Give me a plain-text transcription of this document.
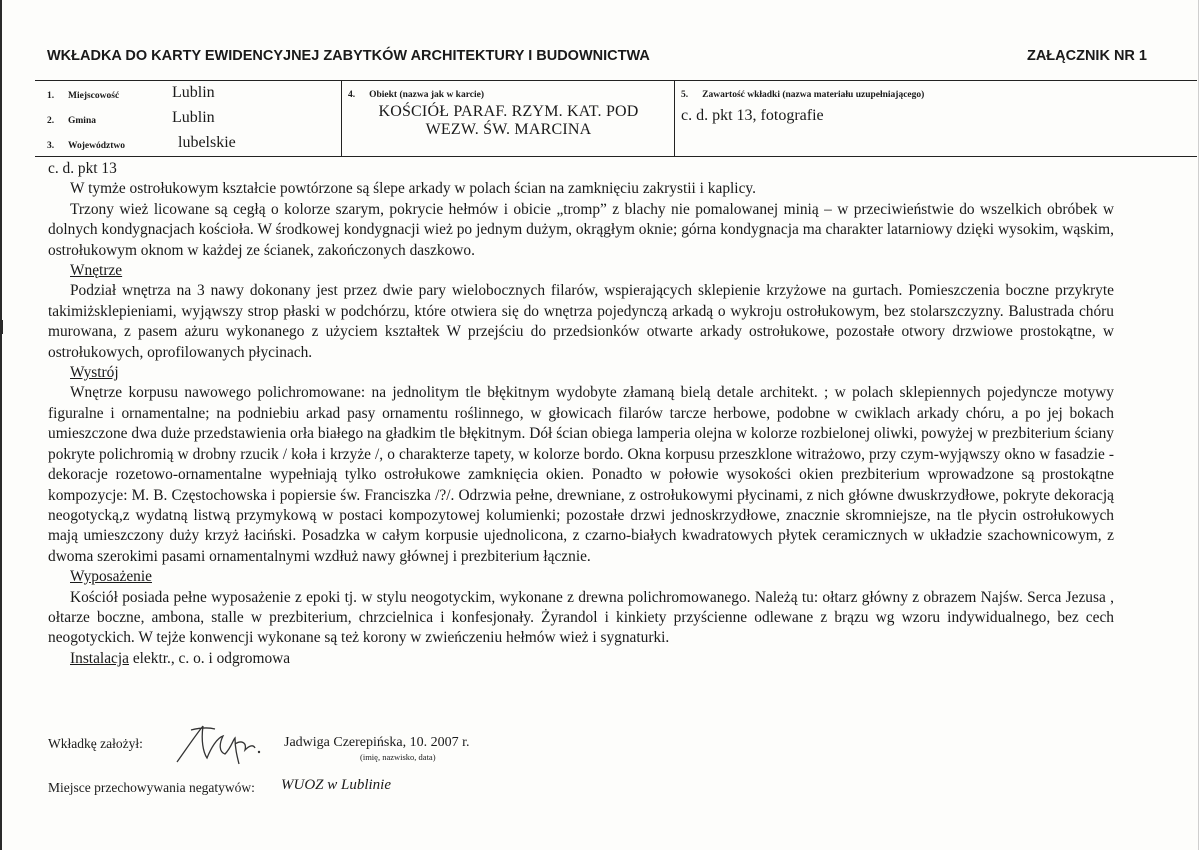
WKŁADKA DO KARTY EWIDENCYJNEJ ZABYTKÓW ARCHITEKTURY I BUDOWNICTWA	ZAŁĄCZNIK NR 1
1. Miejscowość	Lublin
2. Gmina	Lublin
3. Województwo	lubelskie
4. Obiekt (nazwa jak w karcie)
KOŚCIÓŁ PARAF. RZYM. KAT. POD
WEZW. ŚW. MARCINA
5. Zawartość wkładki (nazwa materiału uzupełniającego)
c. d. pkt 13, fotografie

c. d. pkt 13

W tymże ostrołukowym kształcie powtórzone są ślepe arkady w polach ścian na zamknięciu zakrystii i kaplicy.

Trzony wież licowane są cegłą o kolorze szarym, pokrycie hełmów i obicie „tromp” z blachy nie pomalowanej minią – w przeciwieństwie do wszelkich obróbek w dolnych kondygnacjach kościoła. W środkowej kondygnacji wież po jednym dużym, okrągłym oknie; górna kondygnacja ma charakter latarniowy dzięki wysokim, wąskim, ostrołukowym oknom w każdej ze ścianek, zakończonych daszkowo.

Wnętrze

Podział wnętrza na 3 nawy dokonany jest przez dwie pary wielobocznych filarów, wspierających sklepienie krzyżowe na gurtach. Pomieszczenia boczne przykryte takimiżsklepieniami, wyjąwszy strop płaski w podchórzu, które otwiera się do wnętrza pojedynczą arkadą o wykroju ostrołukowym, bez stolarszczyzny. Balustrada chóru murowana, z pasem ażuru wykonanego z użyciem kształtek W przejściu do przedsionków otwarte arkady ostrołukowe, pozostałe otwory drzwiowe prostokątne, w ostrołukowych, oprofilowanych płycinach.

Wystrój

Wnętrze korpusu nawowego polichromowane: na jednolitym tle błękitnym wydobyte złamaną bielą detale architekt. ; w polach sklepiennych pojedyncze motywy figuralne i ornamentalne; na podniebiu arkad pasy ornamentu roślinnego, w głowicach filarów tarcze herbowe, podobne w cwiklach arkady chóru, a po jej bokach umieszczone dwa duże przedstawienia orła białego na gładkim tle błękitnym. Dół ścian obiega lamperia olejna w kolorze rozbielonej oliwki, powyżej w prezbiterium ściany pokryte polichromią w drobny rzucik / koła i krzyże /, o charakterze tapety, w kolorze bordo. Okna korpusu przeszklone witrażowo, przy czym-wyjąwszy okno w fasadzie - dekoracje rozetowo-ornamentalne wypełniają tylko ostrołukowe zamknięcia okien. Ponadto w połowie wysokości okien prezbiterium wprowadzone są prostokątne kompozycje: M. B. Częstochowska i popiersie św. Franciszka /?/. Odrzwia pełne, drewniane, z ostrołukowymi płycinami, z nich główne dwuskrzydłowe, pokryte dekoracją neogotycką,z wydatną listwą przymykową w postaci kompozytowej kolumienki; pozostałe drzwi jednoskrzydłowe, znacznie skromniejsze, na tle płycin ostrołukowych mają umieszczony duży krzyż łaciński. Posadzka w całym korpusie ujednolicona, z czarno-białych kwadratowych płytek ceramicznych w układzie szachownicowym, z dwoma szerokimi pasami ornamentalnymi wzdłuż nawy głównej i prezbiterium łącznie.

Wyposażenie

Kościół posiada pełne wyposażenie z epoki tj. w stylu neogotyckim, wykonane z drewna polichromowanego. Należą tu: ołtarz główny z obrazem Najśw. Serca Jezusa , ołtarze boczne, ambona, stalle w prezbiterium, chrzcielnica i konfesjonały. Żyrandol i kinkiety przyścienne odlewane z brązu wg wzoru indywidualnego, bez cech neogotyckich. W tejże konwencji wykonane są też korony w zwieńczeniu hełmów wież i sygnaturki.

Instalacja elektr., c. o. i odgromowa

Wkładkę założył:	Jadwiga Czerepińska, 10. 2007 r.
(imię, nazwisko, data)
Miejsce przechowywania negatywów: WUOZ w Lublinie
